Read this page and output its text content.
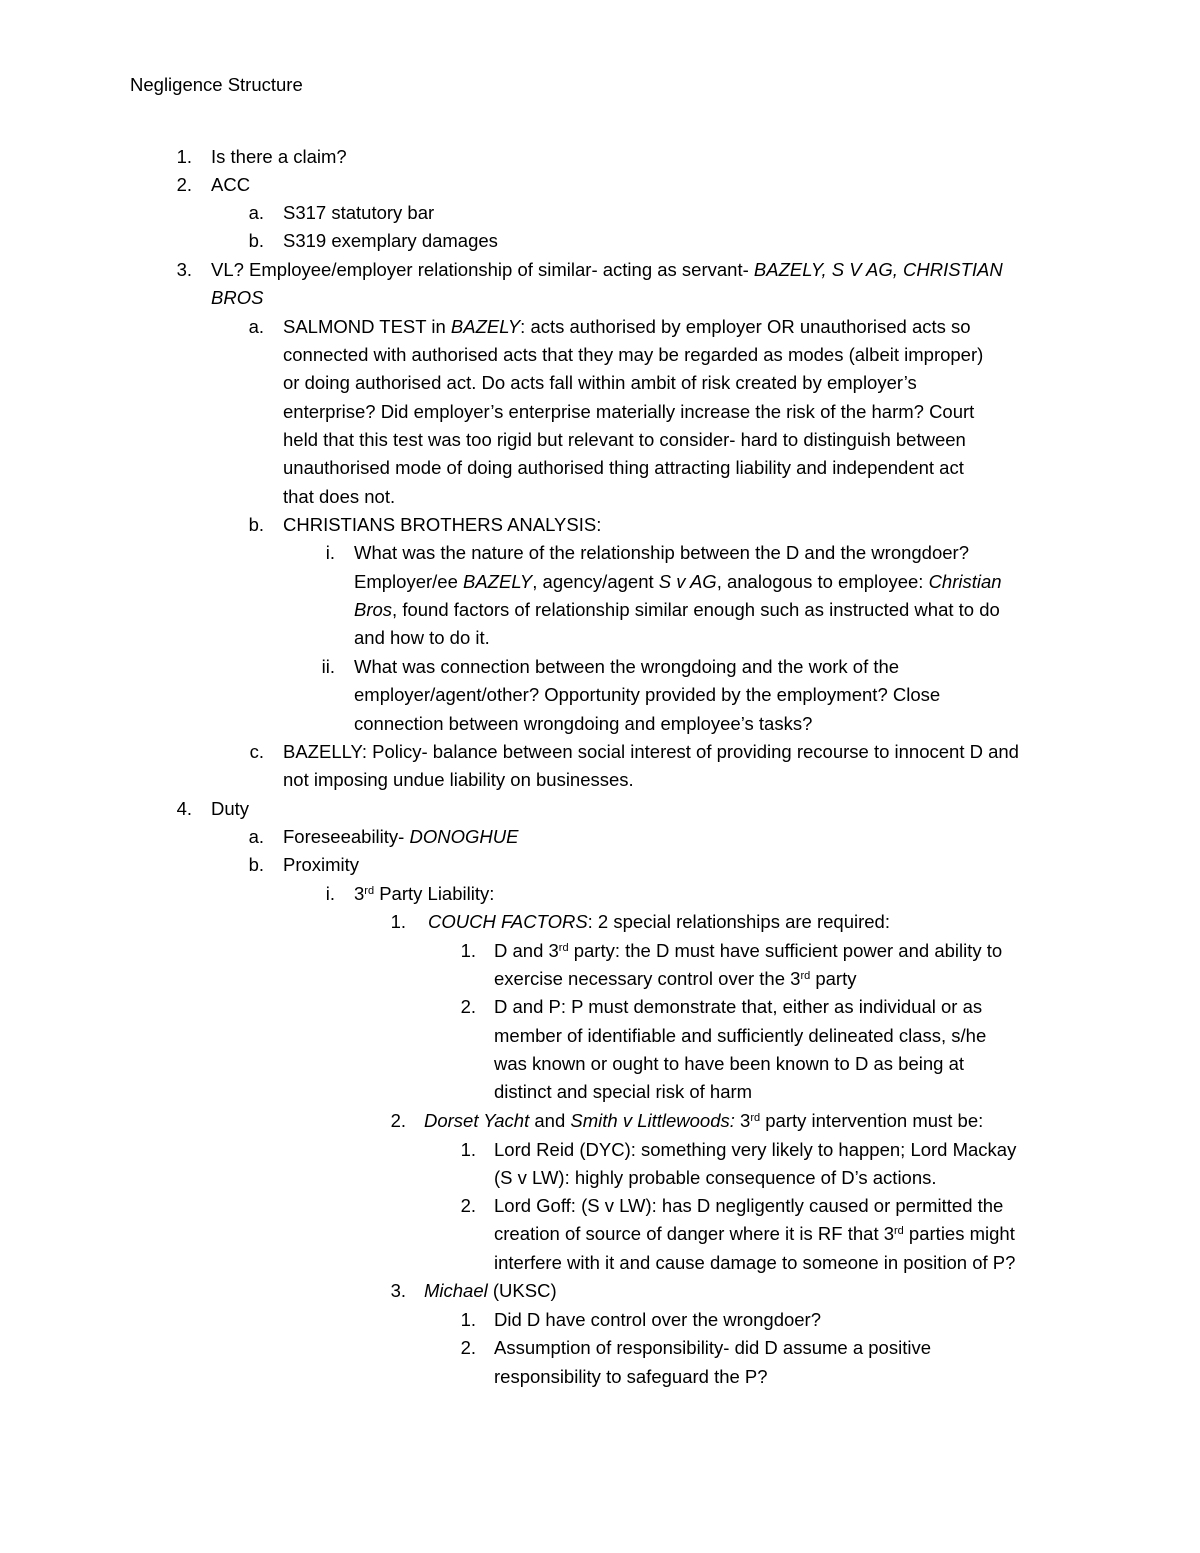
Negligence Structure
1. Is there a claim?
2. ACC
a. S317 statutory bar
b. S319 exemplary damages
3. VL? Employee/employer relationship of similar- acting as servant- BAZELY, S V AG, CHRISTIAN
BROS
a. SALMOND TEST in BAZELY: acts authorised by employer OR unauthorised acts so
connected with authorised acts that they may be regarded as modes (albeit improper)
or doing authorised act. Do acts fall within ambit of risk created by employer’s
enterprise? Did employer’s enterprise materially increase the risk of the harm? Court
held that this test was too rigid but relevant to consider- hard to distinguish between
unauthorised mode of doing authorised thing attracting liability and independent act
that does not.
b. CHRISTIANS BROTHERS ANALYSIS:
i. What was the nature of the relationship between the D and the wrongdoer?
Employer/ee BAZELY, agency/agent S v AG, analogous to employee: Christian
Bros, found factors of relationship similar enough such as instructed what to do
and how to do it.
ii. What was connection between the wrongdoing and the work of the
employer/agent/other? Opportunity provided by the employment? Close
connection between wrongdoing and employee’s tasks?
c. BAZELLY: Policy- balance between social interest of providing recourse to innocent D and
not imposing undue liability on businesses.
4. Duty
a. Foreseeability- DONOGHUE
b. Proximity
i. 3rd Party Liability:
1. COUCH FACTORS: 2 special relationships are required:
1. D and 3rd party: the D must have sufficient power and ability to
exercise necessary control over the 3rd party
2. D and P: P must demonstrate that, either as individual or as
member of identifiable and sufficiently delineated class, s/he
was known or ought to have been known to D as being at
distinct and special risk of harm
2. Dorset Yacht and Smith v Littlewoods: 3rd party intervention must be:
1. Lord Reid (DYC): something very likely to happen; Lord Mackay
(S v LW): highly probable consequence of D’s actions.
2. Lord Goff: (S v LW): has D negligently caused or permitted the
creation of source of danger where it is RF that 3rd parties might
interfere with it and cause damage to someone in position of P?
3. Michael (UKSC)
1. Did D have control over the wrongdoer?
2. Assumption of responsibility- did D assume a positive
responsibility to safeguard the P?
